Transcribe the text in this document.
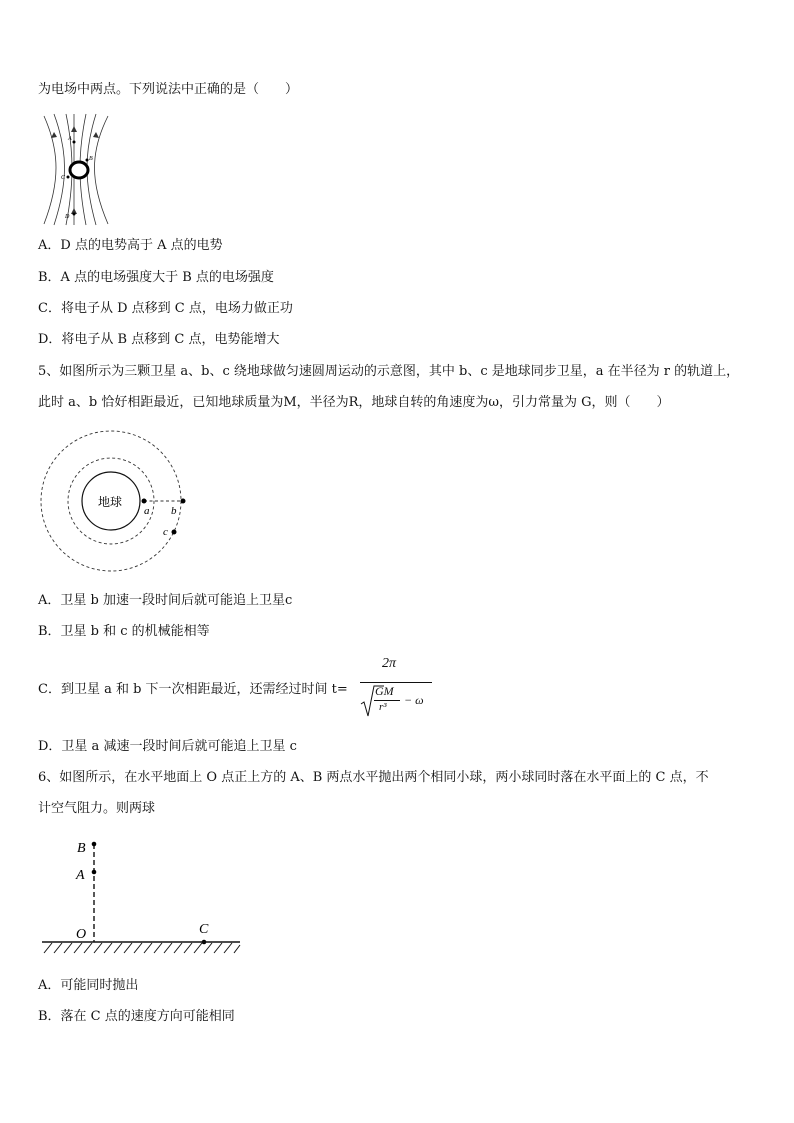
为电场中两点。下列说法中正确的是（　　）
A
B
C
D
A．D 点的电势高于 A 点的电势
B．A 点的电场强度大于 B 点的电场强度
C．将电子从 D 点移到 C 点，电场力做正功
D．将电子从 B 点移到 C 点，电势能增大
5、如图所示为三颗卫星 a、b、c 绕地球做匀速圆周运动的示意图，其中 b、c 是地球同步卫星，a 在半径为 r 的轨道上，
此时 a、b 恰好相距最近，已知地球质量为M，半径为R，地球自转的角速度为ω，引力常量为 G，则（　　）
地球
a b
c
A．卫星 b 加速一段时间后就可能追上卫星c
B．卫星 b 和 c 的机械能相等
C．到卫星 a 和 b 下一次相距最近，还需经过时间 t=
2π
GM
r³ − ω
D．卫星 a 减速一段时间后就可能追上卫星 c
6、如图所示，在水平地面上 O 点正上方的 A、B 两点水平抛出两个相同小球，两小球同时落在水平面上的 C 点，不
计空气阻力。则两球
B
A
O	C
A．可能同时抛出
B．落在 C 点的速度方向可能相同
